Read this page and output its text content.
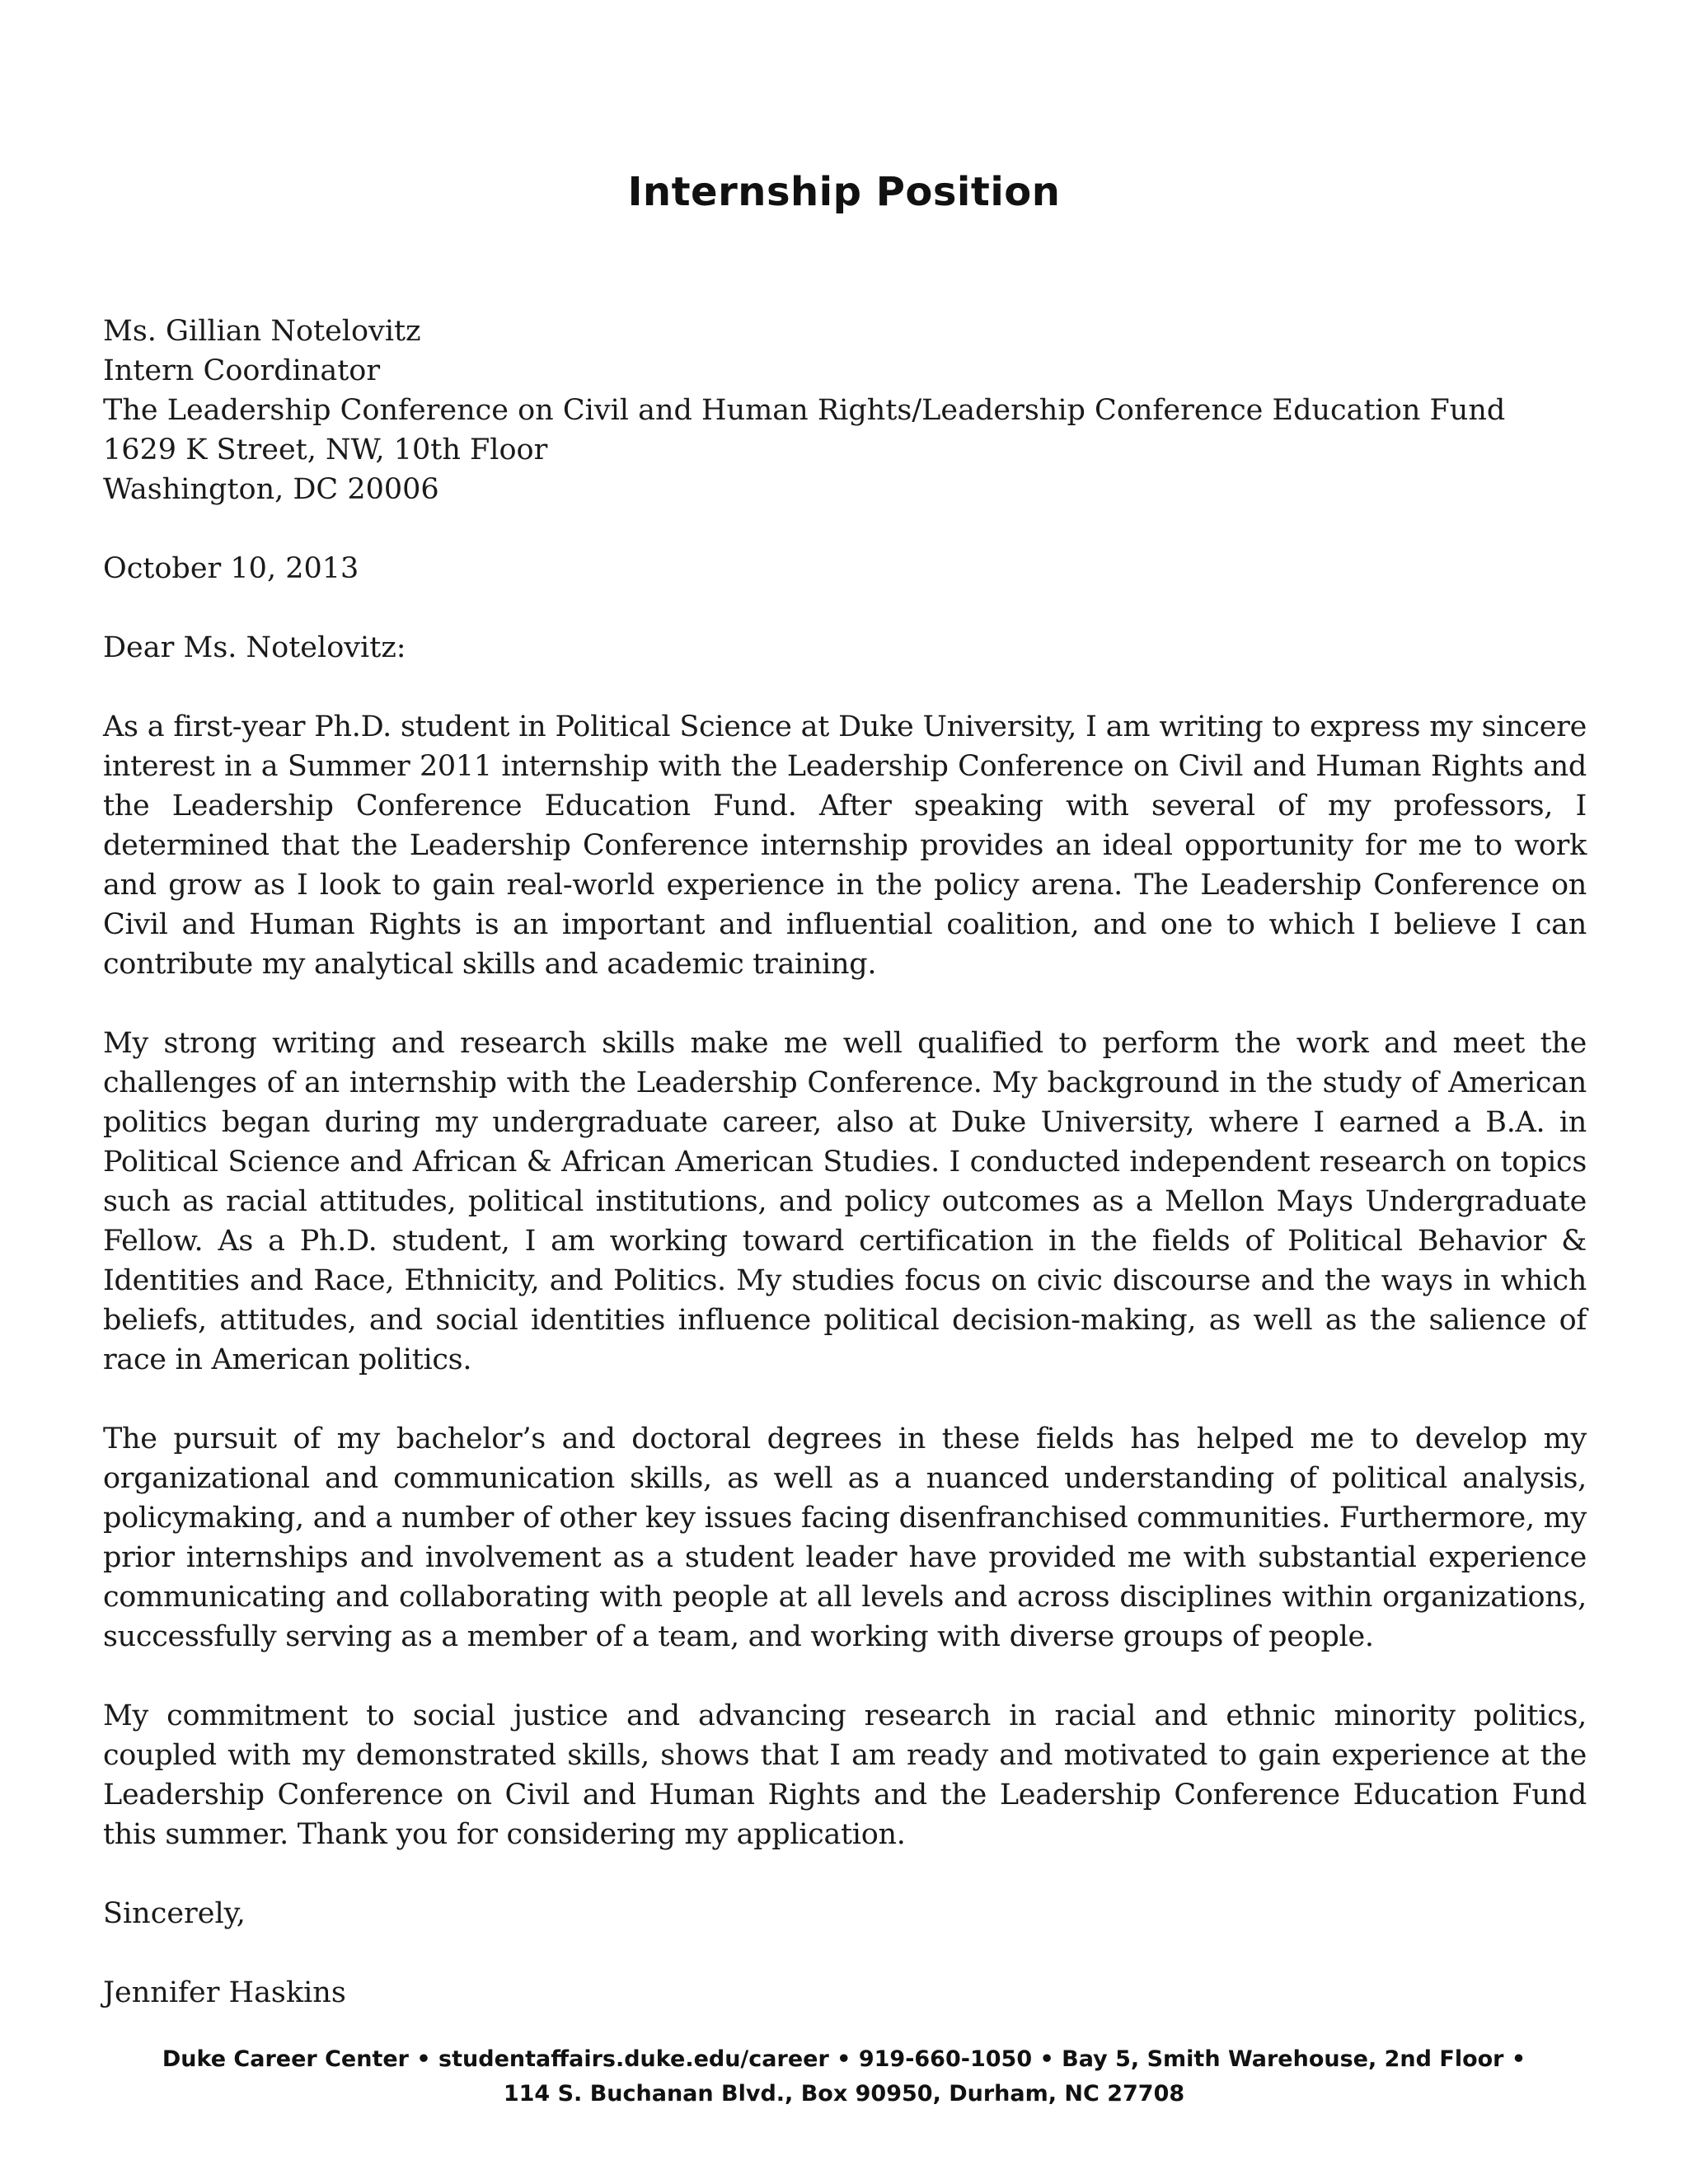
Internship Position
Ms. Gillian Notelovitz
Intern Coordinator
The Leadership Conference on Civil and Human Rights/Leadership Conference Education Fund
1629 K Street, NW, 10th Floor
Washington, DC 20006
October 10, 2013
Dear Ms. Notelovitz:
As a first-year Ph.D. student in Political Science at Duke University, I am writing to express my sincere interest in a Summer 2011 internship with the Leadership Conference on Civil and Human Rights and the Leadership Conference Education Fund. After speaking with several of my professors, I determined that the Leadership Conference internship provides an ideal opportunity for me to work and grow as I look to gain real-world experience in the policy arena. The Leadership Conference on Civil and Human Rights is an important and influential coalition, and one to which I believe I can contribute my analytical skills and academic training.
My strong writing and research skills make me well qualified to perform the work and meet the challenges of an internship with the Leadership Conference. My background in the study of American politics began during my undergraduate career, also at Duke University, where I earned a B.A. in Political Science and African & African American Studies. I conducted independent research on topics such as racial attitudes, political institutions, and policy outcomes as a Mellon Mays Undergraduate Fellow. As a Ph.D. student, I am working toward certification in the fields of Political Behavior & Identities and Race, Ethnicity, and Politics. My studies focus on civic discourse and the ways in which beliefs, attitudes, and social identities influence political decision-making, as well as the salience of race in American politics.
The pursuit of my bachelor’s and doctoral degrees in these fields has helped me to develop my organizational and communication skills, as well as a nuanced understanding of political analysis, policymaking, and a number of other key issues facing disenfranchised communities. Furthermore, my prior internships and involvement as a student leader have provided me with substantial experience communicating and collaborating with people at all levels and across disciplines within organizations, successfully serving as a member of a team, and working with diverse groups of people.
My commitment to social justice and advancing research in racial and ethnic minority politics, coupled with my demonstrated skills, shows that I am ready and motivated to gain experience at the Leadership Conference on Civil and Human Rights and the Leadership Conference Education Fund this summer. Thank you for considering my application.
Sincerely,
Jennifer Haskins
Duke Career Center • studentaffairs.duke.edu/career • 919-660-1050 • Bay 5, Smith Warehouse, 2nd Floor •
114 S. Buchanan Blvd., Box 90950, Durham, NC 27708
